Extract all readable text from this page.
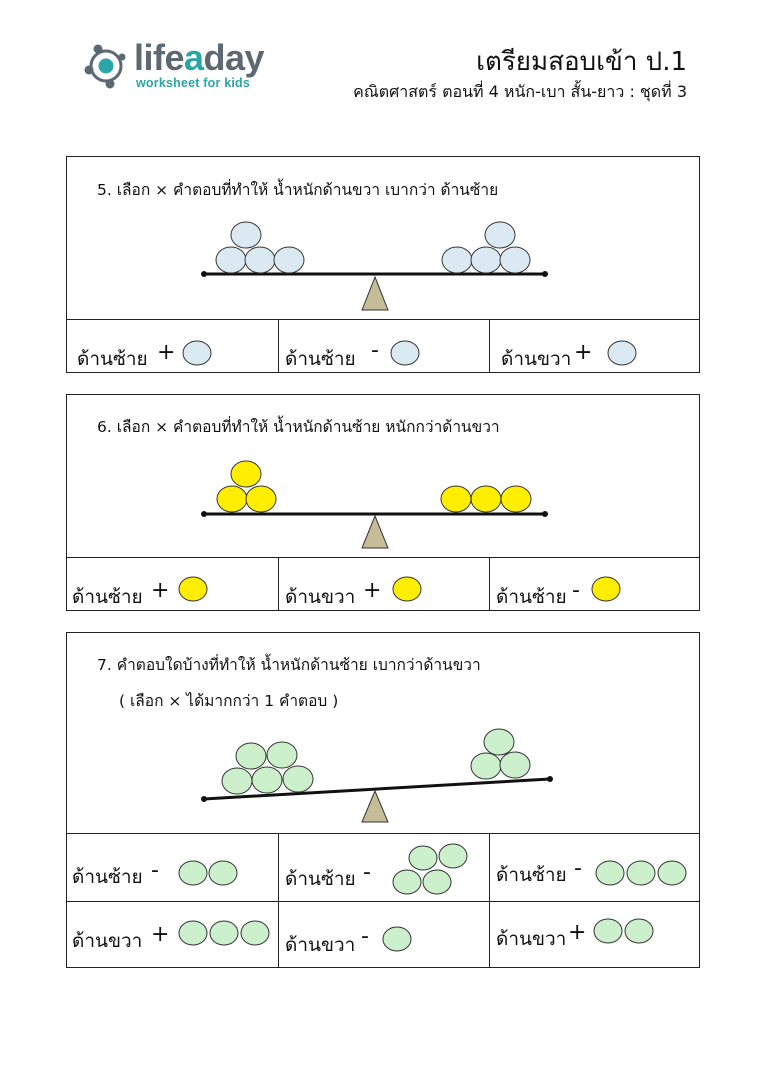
lifeaday
worksheet for kids
เตรียมสอบเข้า ป.1
คณิตศาสตร์ ตอนที่ 4 หนัก-เบา สั้น-ยาว : ชุดที่ 3
5. เลือก × คำตอบที่ทำให้ น้ำหนักด้านขวา เบากว่า ด้านซ้าย
ด้านซ้าย +	ด้านซ้าย -	ด้านขวา +
6. เลือก × คำตอบที่ทำให้ น้ำหนักด้านซ้าย หนักกว่าด้านขวา
ด้านซ้าย +	ด้านขวา +	ด้านซ้าย -
7. คำตอบใดบ้างที่ทำให้ น้ำหนักด้านซ้าย เบากว่าด้านขวา
( เลือก × ได้มากกว่า 1 คำตอบ )
ด้านซ้าย -	ด้านซ้าย -	ด้านซ้าย -
ด้านขวา +	ด้านขวา -	ด้านขวา +
